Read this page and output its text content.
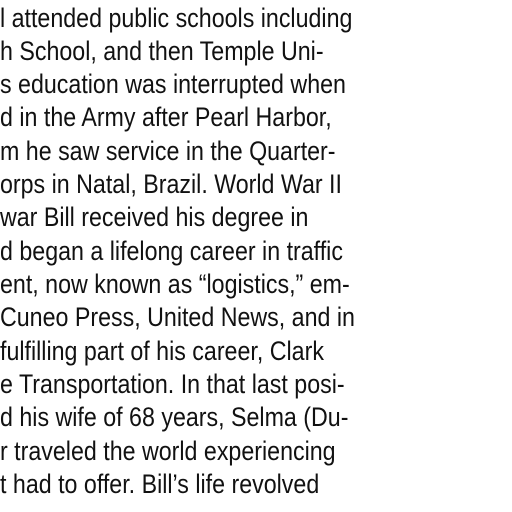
l attended public schools including
h School, and then Temple Uni-
s education was interrupted when
d in the Army after Pearl Harbor,
m he saw service in the Quarter-
orps in Natal, Brazil. World War II
war Bill received his degree in
d began a lifelong career in traffic
ent, now known as “logistics,” em-
Cuneo Press, United News, and in
fulfilling part of his career, Clark
e Transportation. In that last posi-
d his wife of 68 years, Selma (Du-
r traveled the world experiencing
t had to offer. Bill’s life revolved
